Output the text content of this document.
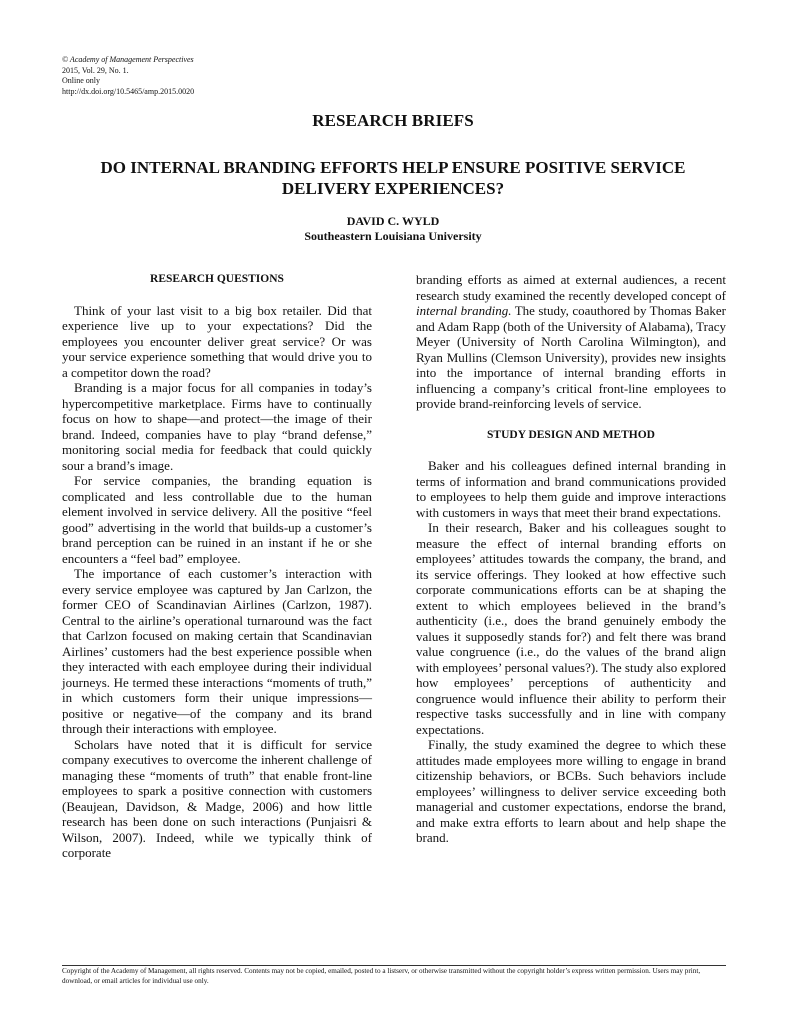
© Academy of Management Perspectives
2015, Vol. 29, No. 1.
Online only
http://dx.doi.org/10.5465/amp.2015.0020
RESEARCH BRIEFS
DO INTERNAL BRANDING EFFORTS HELP ENSURE POSITIVE SERVICE
DELIVERY EXPERIENCES?
DAVID C. WYLD
Southeastern Louisiana University
RESEARCH QUESTIONS

Think of your last visit to a big box retailer. Did that experience live up to your expectations? Did the employees you encounter deliver great service? Or was your service experience something that would drive you to a competitor down the road?

Branding is a major focus for all companies in today’s hypercompetitive marketplace. Firms have to continually focus on how to shape—and protect—the image of their brand. Indeed, companies have to play “brand defense,” monitoring social media for feedback that could quickly sour a brand’s image.

For service companies, the branding equation is complicated and less controllable due to the human element involved in service delivery. All the positive “feel good” advertising in the world that builds-up a customer’s brand perception can be ruined in an instant if he or she encounters a “feel bad” employee.

The importance of each customer’s interaction with every service employee was captured by Jan Carlzon, the former CEO of Scandinavian Airlines (Carlzon, 1987). Central to the airline’s operational turnaround was the fact that Carlzon focused on making certain that Scandinavian Airlines’ customers had the best experience possible when they interacted with each employee during their individual journeys. He termed these interactions “moments of truth,” in which customers form their unique impressions—positive or negative—of the company and its brand through their interactions with employee.

Scholars have noted that it is difficult for service company executives to overcome the inherent challenge of managing these “moments of truth” that enable front-line employees to spark a positive connection with customers (Beaujean, Davidson, & Madge, 2006) and how little research has been done on such interactions (Punjaisri & Wilson, 2007). Indeed, while we typically think of corporate

branding efforts as aimed at external audiences, a recent research study examined the recently developed concept of internal branding. The study, coauthored by Thomas Baker and Adam Rapp (both of the University of Alabama), Tracy Meyer (University of North Carolina Wilmington), and Ryan Mullins (Clemson University), provides new insights into the importance of internal branding efforts in influencing a company’s critical front-line employees to provide brand-reinforcing levels of service.

STUDY DESIGN AND METHOD

Baker and his colleagues defined internal branding in terms of information and brand communications provided to employees to help them guide and improve interactions with customers in ways that meet their brand expectations.

In their research, Baker and his colleagues sought to measure the effect of internal branding efforts on employees’ attitudes towards the company, the brand, and its service offerings. They looked at how effective such corporate communications efforts can be at shaping the extent to which employees believed in the brand’s authenticity (i.e., does the brand genuinely embody the values it supposedly stands for?) and felt there was brand value congruence (i.e., do the values of the brand align with employees’ personal values?). The study also explored how employees’ perceptions of authenticity and congruence would influence their ability to perform their respective tasks successfully and in line with company expectations.

Finally, the study examined the degree to which these attitudes made employees more willing to engage in brand citizenship behaviors, or BCBs. Such behaviors include employees’ willingness to deliver service exceeding both managerial and customer expectations, endorse the brand, and make extra efforts to learn about and help shape the brand.

Copyright of the Academy of Management, all rights reserved. Contents may not be copied, emailed, posted to a listserv, or otherwise transmitted without the copyright holder’s express written permission. Users may print, download, or email articles for individual use only.
